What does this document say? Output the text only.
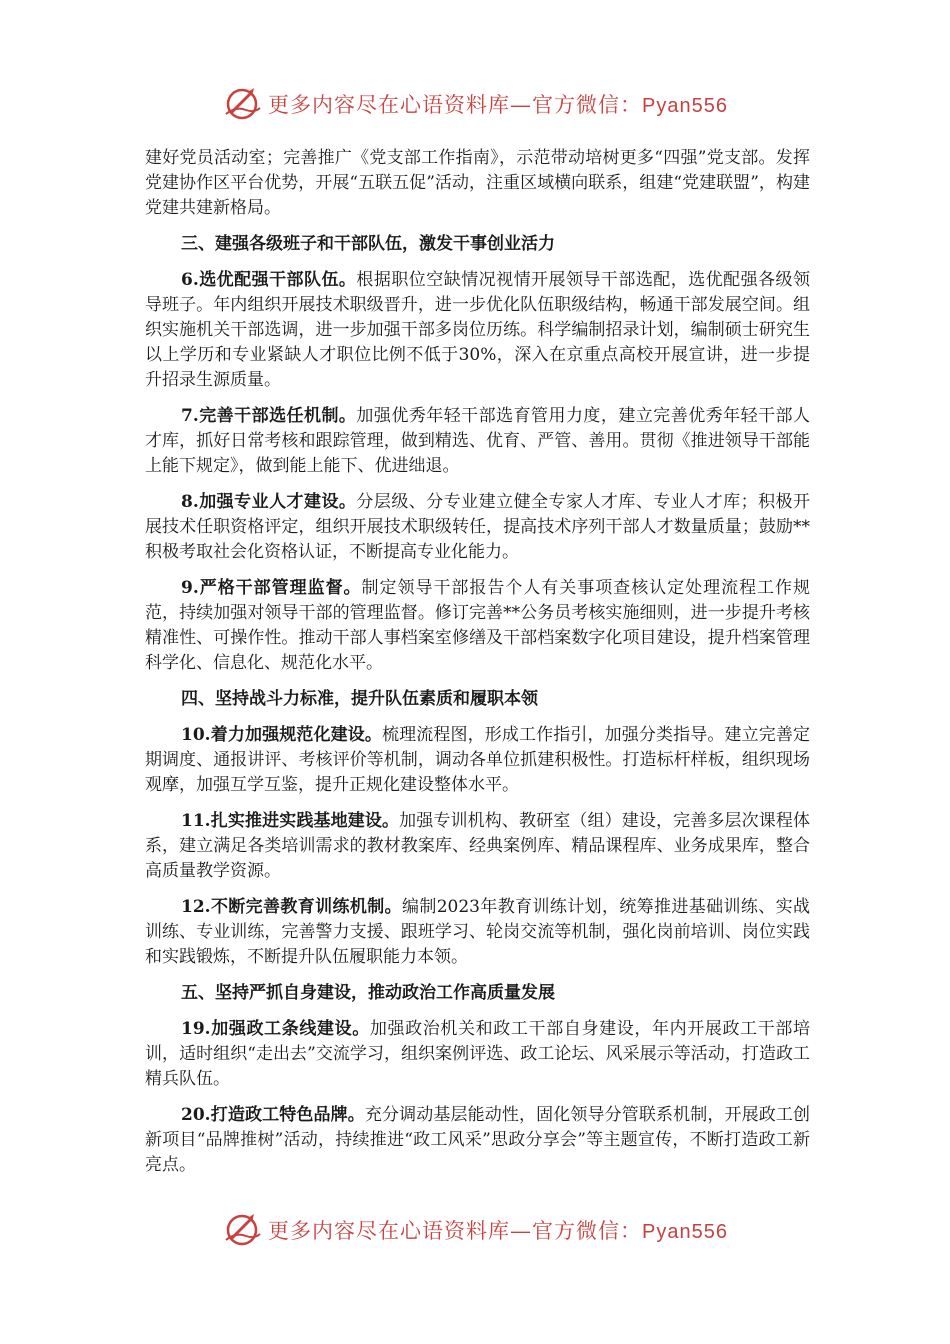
更多内容尽在心语资料库—官方微信：Pyan556

建好党员活动室；完善推广《党支部工作指南》，示范带动培树更多“四强”党支部。发挥党建协作区平台优势，开展“五联五促”活动，注重区域横向联系，组建“党建联盟”，构建党建共建新格局。

三、建强各级班子和干部队伍，激发干事创业活力

6.选优配强干部队伍。根据职位空缺情况视情开展领导干部选配，选优配强各级领导班子。年内组织开展技术职级晋升，进一步优化队伍职级结构，畅通干部发展空间。组织实施机关干部选调，进一步加强干部多岗位历练。科学编制招录计划，编制硕士研究生以上学历和专业紧缺人才职位比例不低于30%，深入在京重点高校开展宣讲，进一步提升招录生源质量。

7.完善干部选任机制。加强优秀年轻干部选育管用力度，建立完善优秀年轻干部人才库，抓好日常考核和跟踪管理，做到精选、优育、严管、善用。贯彻《推进领导干部能上能下规定》，做到能上能下、优进绌退。

8.加强专业人才建设。分层级、分专业建立健全专家人才库、专业人才库；积极开展技术任职资格评定，组织开展技术职级转任，提高技术序列干部人才数量质量；鼓励**积极考取社会化资格认证，不断提高专业化能力。

9.严格干部管理监督。制定领导干部报告个人有关事项查核认定处理流程工作规范，持续加强对领导干部的管理监督。修订完善**公务员考核实施细则，进一步提升考核精准性、可操作性。推动干部人事档案室修缮及干部档案数字化项目建设，提升档案管理科学化、信息化、规范化水平。

四、坚持战斗力标准，提升队伍素质和履职本领

10.着力加强规范化建设。梳理流程图，形成工作指引，加强分类指导。建立完善定期调度、通报讲评、考核评价等机制，调动各单位抓建积极性。打造标杆样板，组织现场观摩，加强互学互鉴，提升正规化建设整体水平。

11.扎实推进实践基地建设。加强专训机构、教研室（组）建设，完善多层次课程体系，建立满足各类培训需求的教材教案库、经典案例库、精品课程库、业务成果库，整合高质量教学资源。

12.不断完善教育训练机制。编制2023年教育训练计划，统筹推进基础训练、实战训练、专业训练，完善警力支援、跟班学习、轮岗交流等机制，强化岗前培训、岗位实践和实践锻炼，不断提升队伍履职能力本领。

五、坚持严抓自身建设，推动政治工作高质量发展

19.加强政工条线建设。加强政治机关和政工干部自身建设，年内开展政工干部培训，适时组织“走出去”交流学习，组织案例评选、政工论坛、风采展示等活动，打造政工精兵队伍。

20.打造政工特色品牌。充分调动基层能动性，固化领导分管联系机制，开展政工创新项目“品牌推树”活动，持续推进“政工风采”思政分享会”等主题宣传，不断打造政工新亮点。

更多内容尽在心语资料库—官方微信：Pyan556
